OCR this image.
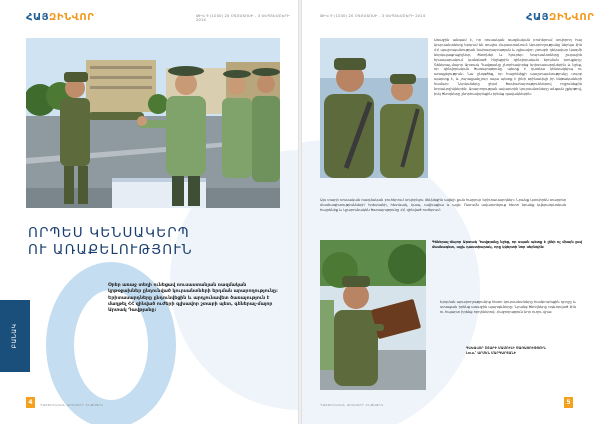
ՀԱՅԶԻՆՎՈՐ	ԹԻՎ 9 (1030) 20 ՕԳՈՍՏՈՍԻ - 3 ՍԵՊՏԵՄԲԵՐԻ 2014
ՈՐՊԵՍ ԿԵՆՍԱԿԵՐՊ
ՈՒ ԱՌԱՔԵԼՈՒԹՅՈՒՆ
ԲԱՆԱԿ

Օրեր առաջ տեղի ունեցավ ռուսաստանյան ռազմական կրթօջախներ ընդունված կուրսանտների երդման արարողությունը: Երիտասարդները ընդունվեցին և արդյունավետ ծառայություն է մաղթել ՀՀ զինված ուժերի գլխավոր շտաբի պետ, գեներալ-մայոր Արտակ Դավթյանը:

4	ՊԱՇՏՈՆԱԿԱՆ ԱՄՍԱԳԻՐ ԸՆԹԱՑԻԿ
ԹԻՎ 9 (1030) 20 ՕԳՈՍՏՈՍԻ - 3 ՍԵՊՏԵՄԲԵՐԻ 2014	ՀԱՅԶԻՆՎՈՐ
Առաջին անգամ է, որ ռուսական ռազմական բուհերում սովորող հայ կուրսանտները երդում են տալիս Հայաստանում: Արարողությանը ներկա էին ՀՀ պաշտպանության նախարարության և գլխավոր շտաբի ղեկավար կազմի ներկայացուցիչներ, ծնողներ և հյուրեր: Կուրսանտները շարային հրապարակում կանգնած հնչեցրին զինվորական երդման խոսքերը: Գեներալ-մայոր Արտակ Դավթյանը շնորհավորեց երիտասարդներին և նշեց, որ զինվորական ծառայությունը պետք է դառնա կենսակերպ ու առաքելություն: Նա ընդգծեց, որ հայրենիքի պաշտպանությունը սուրբ պարտք է, և յուրաքանչյուր սպա պետք է լինի օրինակելի իր ենթակաների համար: Ներկաները ջերմ ծափահարություններով ողջունեցին նորակոչիկներին: Արարողության ավարտին կուրսանտները անցան շքերթով, իսկ ծնողները շնորհավորեցին իրենց զավակներին:
Այս տարի ռուսական ռազմական բուհերում սովորելու մեկնեցին ավելի քան հարյուր երիտասարդներ: Նրանք կսովորեն տարբեր մասնագիտությունների՝ հրետանի, հետևակ, կապ, ավիացիա և այլն: Ուսումն ավարտելուց հետո նրանք կվերադառնան հայրենիք և կշարունակեն ծառայությունը ՀՀ զինված ուժերում:
Գեներալ-մայոր Արտակ Դավթյանը նշեց, որ սպան պետք է լինի ոչ միայն լավ մասնագետ, այլև դաստիարակ, որը կկերտի նոր սերնդին:
Երդման արարողությունից հետո կուրսանտները համբուրեցին դրոշը և ստացան իրենց առաջին պարգևները: Նրանց ծնողները ոգևորված էին ու հպարտ իրենց որդիներով: Հաջողություն նոր ուղու վրա:
ԳԼԽԱՎՈՐ ՇՏԱԲԻ ՄԱՄՈՒԼԻ ԾԱՌԱՅՈՒԹՅՈՒՆ
Լուս.՝ ԱՐՄԵՆ ՄԱՐԳԱՐՅԱՆԻ
ՊԱՇՏՈՆԱԿԱՆ ԱՄՍԱԳԻՐ ԸՆԹԱՑԻԿ	5
